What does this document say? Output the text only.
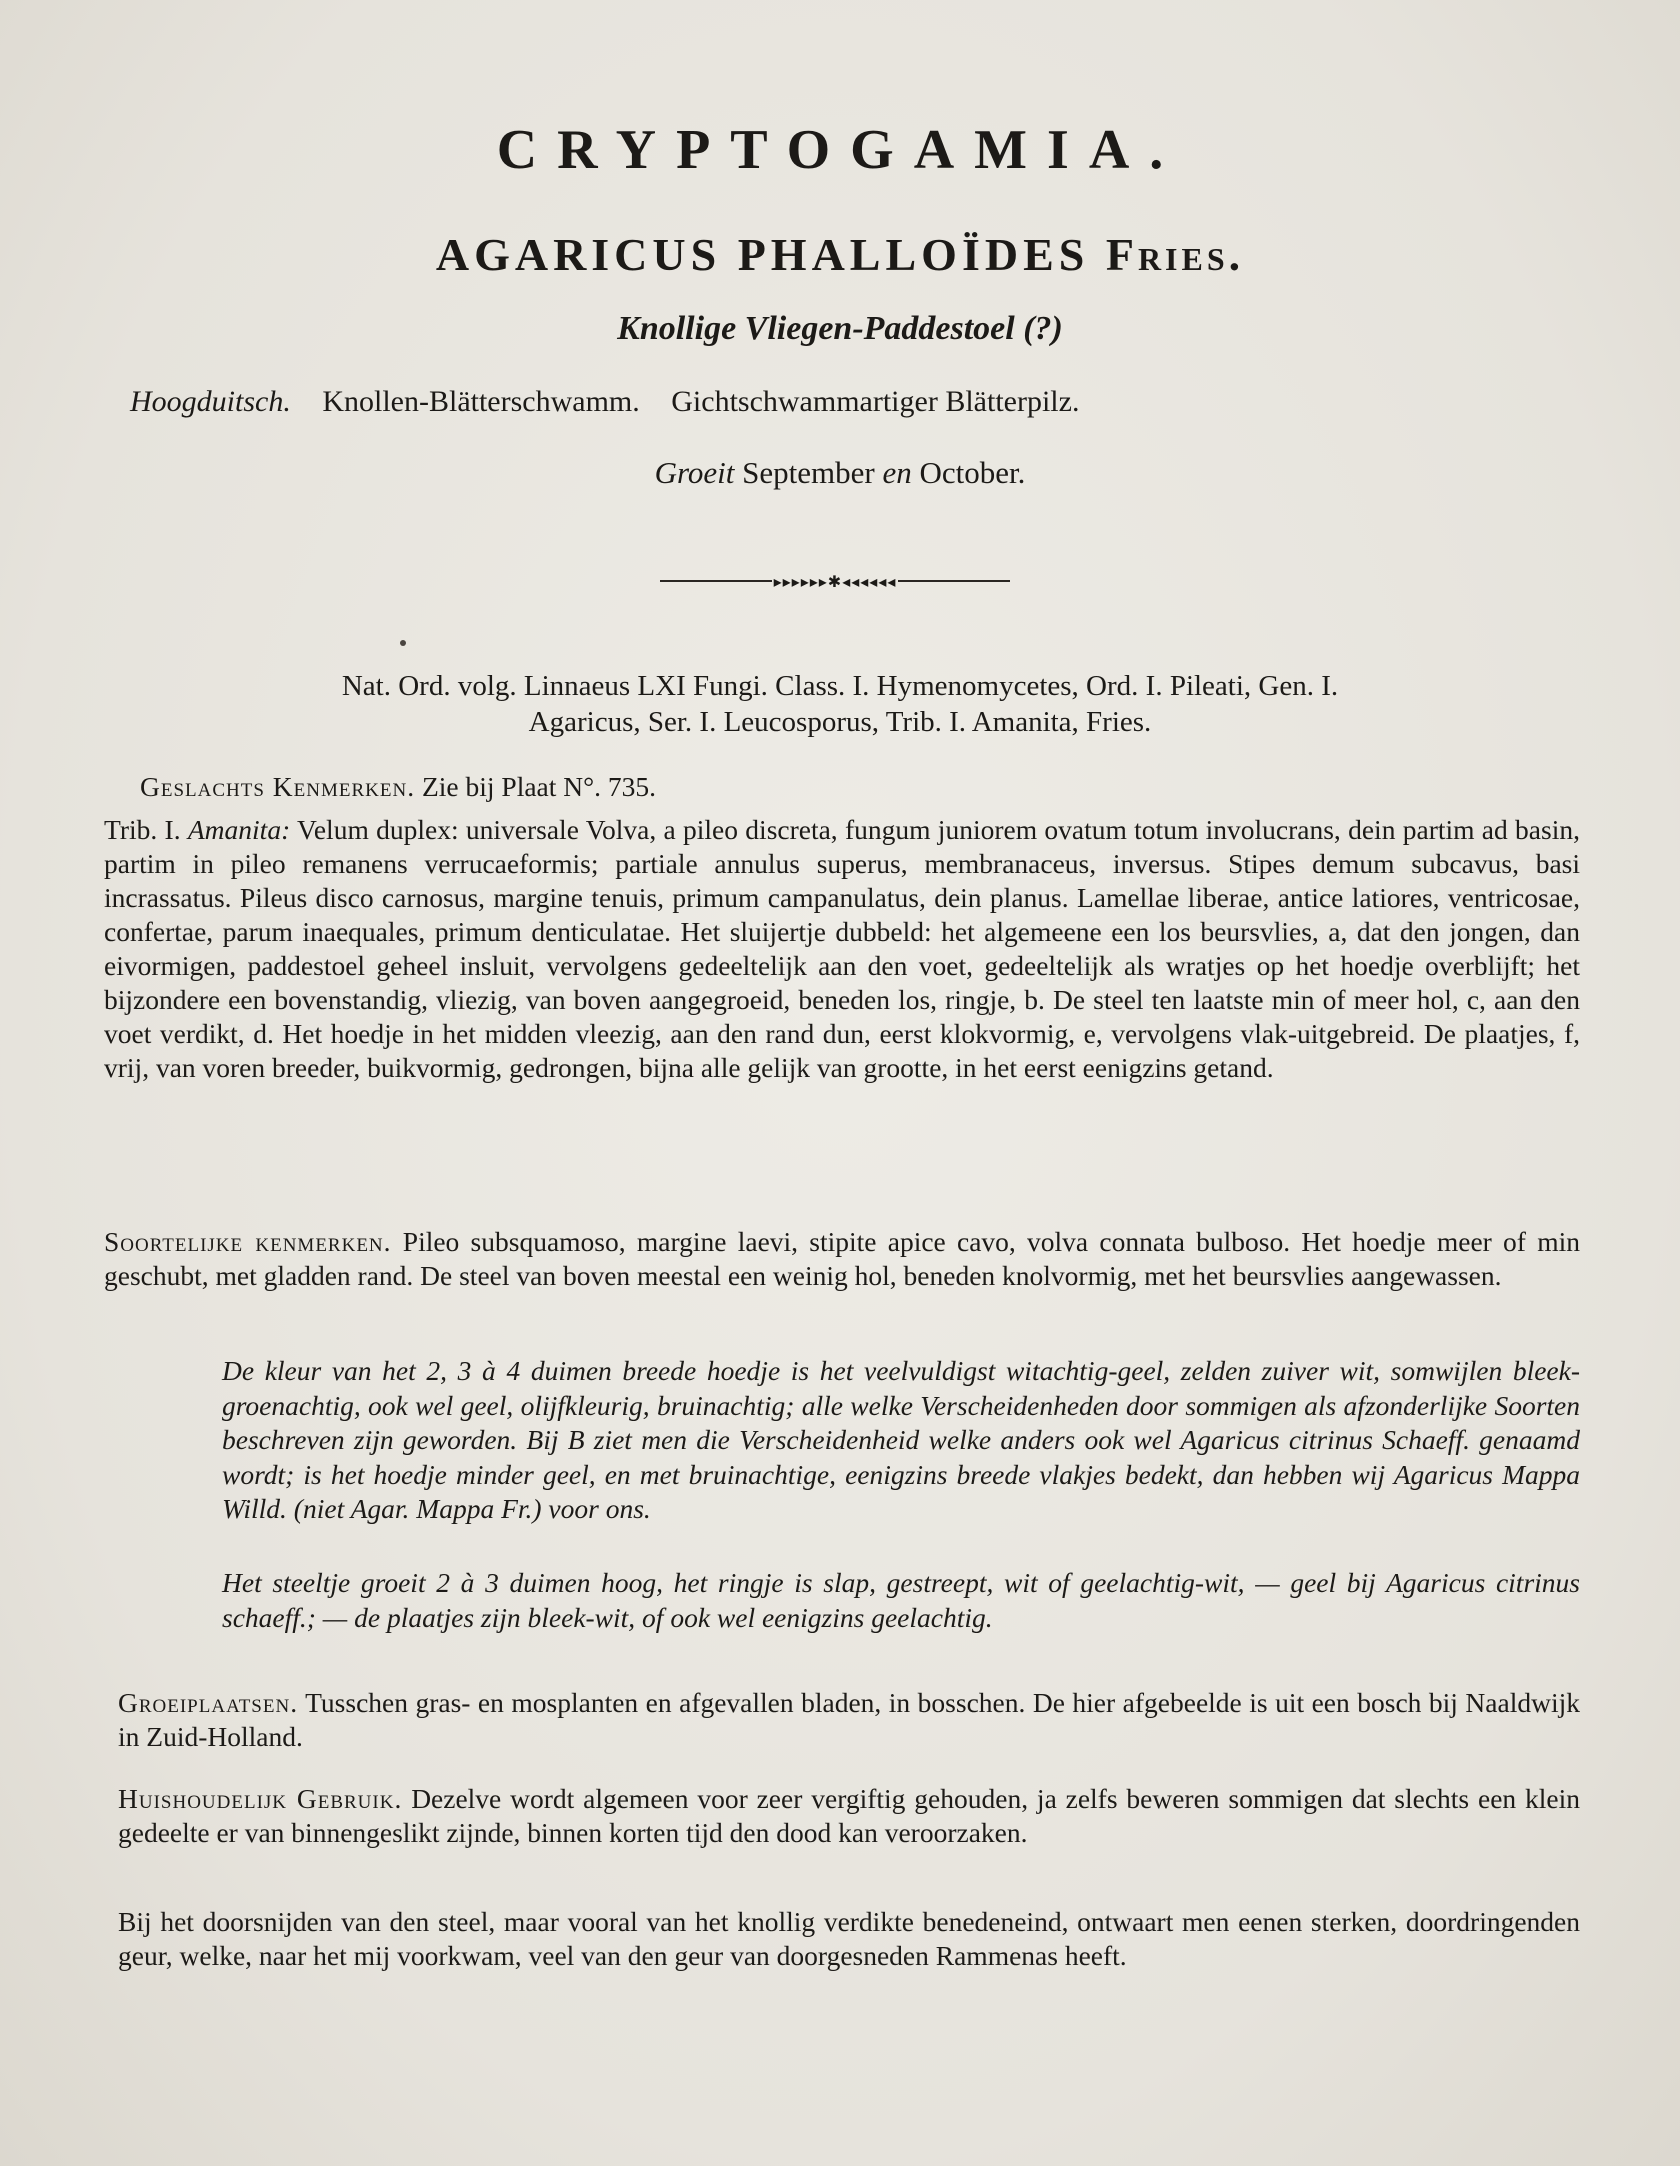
CRYPTOGAMIA.
AGARICUS PHALLOÏDES Fries.
Knollige Vliegen-Paddestoel (?)
Hoogduitsch. Knollen-Blätterschwamm. Gichtschwammartiger Blätterpilz.
Groeit September en October.
▸▸▸▸▸▸✱◂◂◂◂◂◂
Nat. Ord. volg. Linnaeus LXI Fungi. Class. I. Hymenomycetes, Ord. I. Pileati, Gen. I.
Agaricus, Ser. I. Leucosporus, Trib. I. Amanita, Fries.
Geslachts Kenmerken. Zie bij Plaat N°. 735.
Trib. I. Amanita: Velum duplex: universale Volva, a pileo discreta, fungum juniorem ovatum totum involucrans, dein partim ad basin, partim in pileo remanens verrucaeformis; partiale annulus superus, membranaceus, inversus. Stipes demum subcavus, basi incrassatus. Pileus disco carnosus, margine tenuis, primum campanulatus, dein planus. Lamellae liberae, antice latiores, ventricosae, confertae, parum inaequales, primum denticulatae. Het sluijertje dubbeld: het algemeene een los beursvlies, a, dat den jongen, dan eivormigen, paddestoel geheel insluit, vervolgens gedeeltelijk aan den voet, gedeeltelijk als wratjes op het hoedje overblijft; het bijzondere een bovenstandig, vliezig, van boven aangegroeid, beneden los, ringje, b. De steel ten laatste min of meer hol, c, aan den voet verdikt, d. Het hoedje in het midden vleezig, aan den rand dun, eerst klokvormig, e, vervolgens vlak-uitgebreid. De plaatjes, f, vrij, van voren breeder, buikvormig, gedrongen, bijna alle gelijk van grootte, in het eerst eenigzins getand.
Soortelijke kenmerken. Pileo subsquamoso, margine laevi, stipite apice cavo, volva connata bulboso. Het hoedje meer of min geschubt, met gladden rand. De steel van boven meestal een weinig hol, beneden knolvormig, met het beursvlies aangewassen.
De kleur van het 2, 3 à 4 duimen breede hoedje is het veelvuldigst witachtig-geel, zelden zuiver wit, somwijlen bleek-groenachtig, ook wel geel, olijfkleurig, bruinachtig; alle welke Verscheidenheden door sommigen als afzonderlijke Soorten beschreven zijn geworden. Bij B ziet men die Verscheidenheid welke anders ook wel Agaricus citrinus Schaeff. genaamd wordt; is het hoedje minder geel, en met bruinachtige, eenigzins breede vlakjes bedekt, dan hebben wij Agaricus Mappa Willd. (niet Agar. Mappa Fr.) voor ons.
Het steeltje groeit 2 à 3 duimen hoog, het ringje is slap, gestreept, wit of geelachtig-wit, — geel bij Agaricus citrinus schaeff.; — de plaatjes zijn bleek-wit, of ook wel eenigzins geelachtig.
Groeiplaatsen. Tusschen gras- en mosplanten en afgevallen bladen, in bosschen. De hier afgebeelde is uit een bosch bij Naaldwijk in Zuid-Holland.
Huishoudelijk Gebruik. Dezelve wordt algemeen voor zeer vergiftig gehouden, ja zelfs beweren sommigen dat slechts een klein gedeelte er van binnengeslikt zijnde, binnen korten tijd den dood kan veroorzaken.
Bij het doorsnijden van den steel, maar vooral van het knollig verdikte benedeneind, ontwaart men eenen sterken, doordringenden geur, welke, naar het mij voorkwam, veel van den geur van doorgesneden Rammenas heeft.
